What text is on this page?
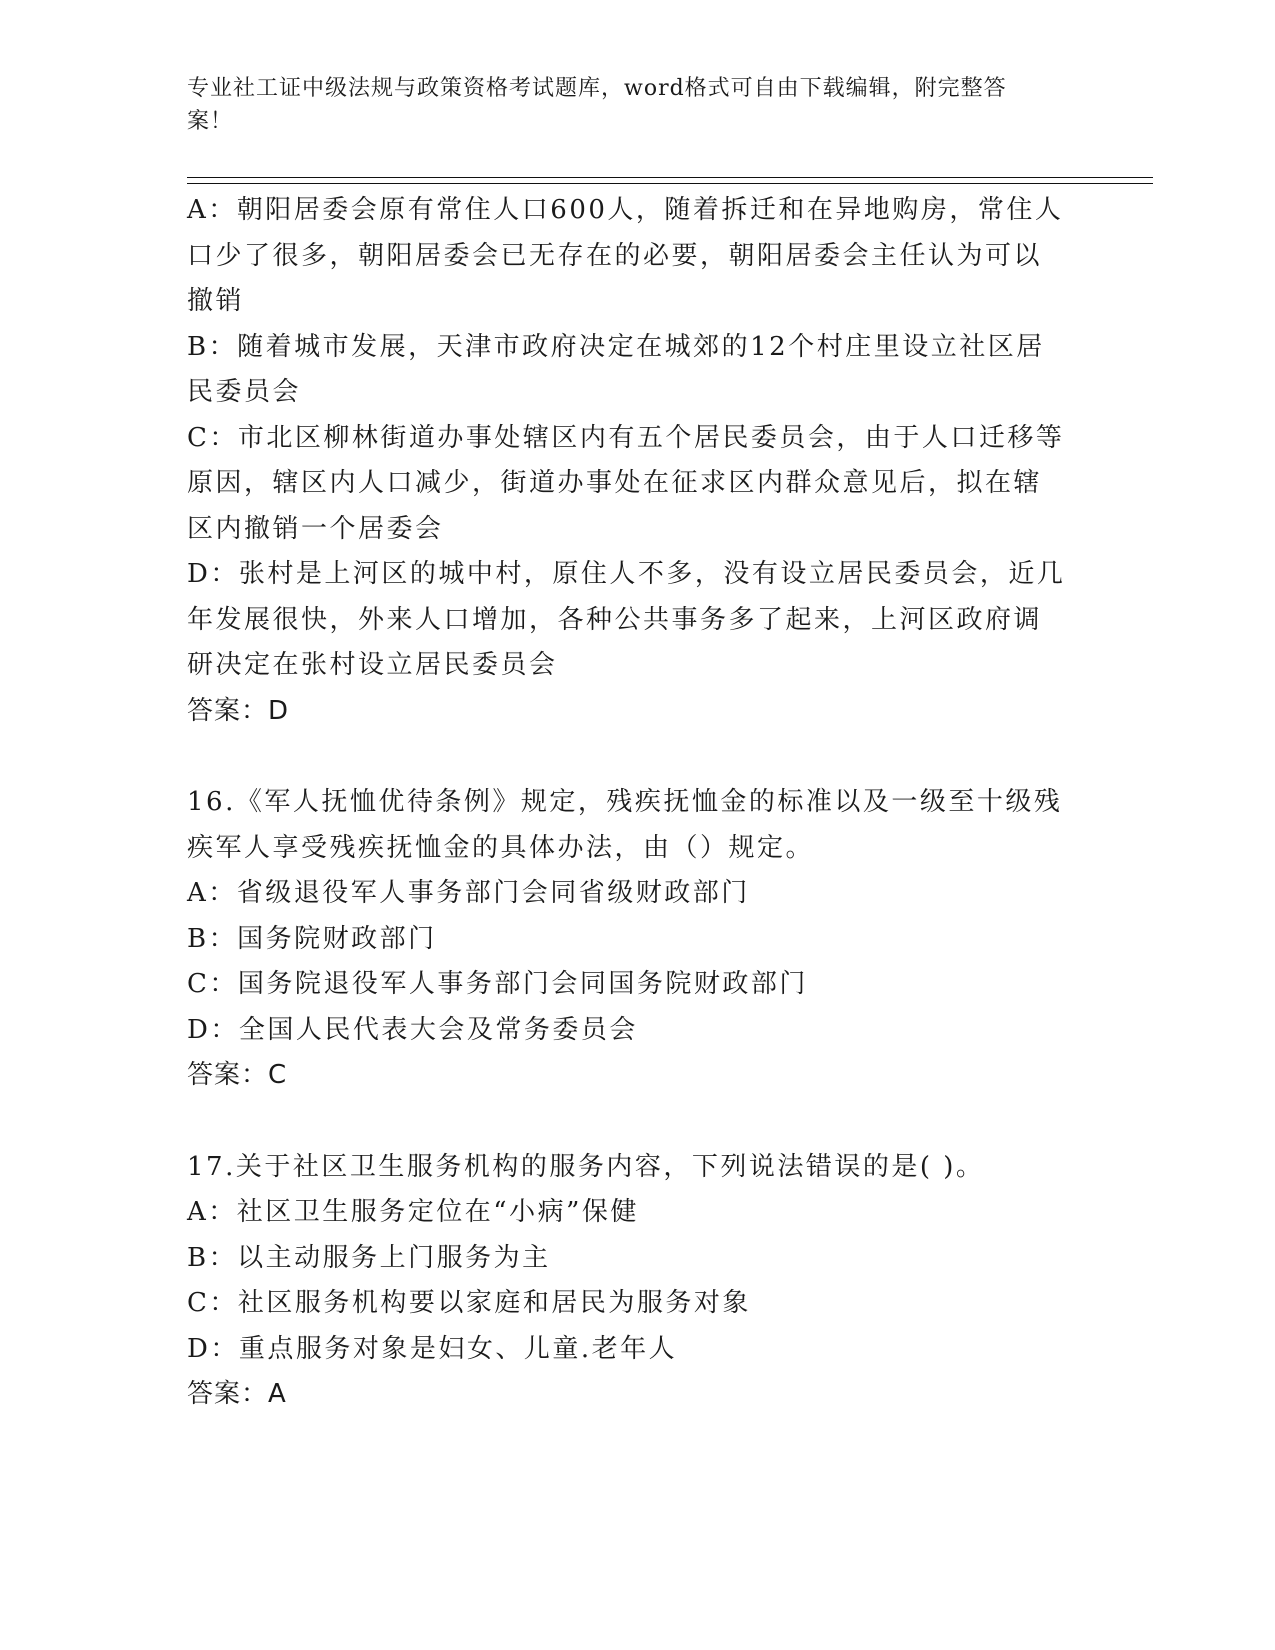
专业社工证中级法规与政策资格考试题库，word格式可自由下载编辑，附完整答
案！
A：朝阳居委会原有常住人口600人，随着拆迁和在异地购房，常住人
口少了很多，朝阳居委会已无存在的必要，朝阳居委会主任认为可以
撤销
B：随着城市发展，天津市政府决定在城郊的12个村庄里设立社区居
民委员会
C：市北区柳林街道办事处辖区内有五个居民委员会，由于人口迁移等
原因，辖区内人口减少，街道办事处在征求区内群众意见后，拟在辖
区内撤销一个居委会
D：张村是上河区的城中村，原住人不多，没有设立居民委员会，近几
年发展很快，外来人口增加，各种公共事务多了起来，上河区政府调
研决定在张村设立居民委员会
答案：D
16.《军人抚恤优待条例》规定，残疾抚恤金的标准以及一级至十级残
疾军人享受残疾抚恤金的具体办法，由（）规定。
A：省级退役军人事务部门会同省级财政部门
B：国务院财政部门
C：国务院退役军人事务部门会同国务院财政部门
D：全国人民代表大会及常务委员会
答案：C
17.关于社区卫生服务机构的服务内容，下列说法错误的是( )。
A：社区卫生服务定位在“小病”保健
B：以主动服务上门服务为主
C：社区服务机构要以家庭和居民为服务对象
D：重点服务对象是妇女、儿童.老年人
答案：A
